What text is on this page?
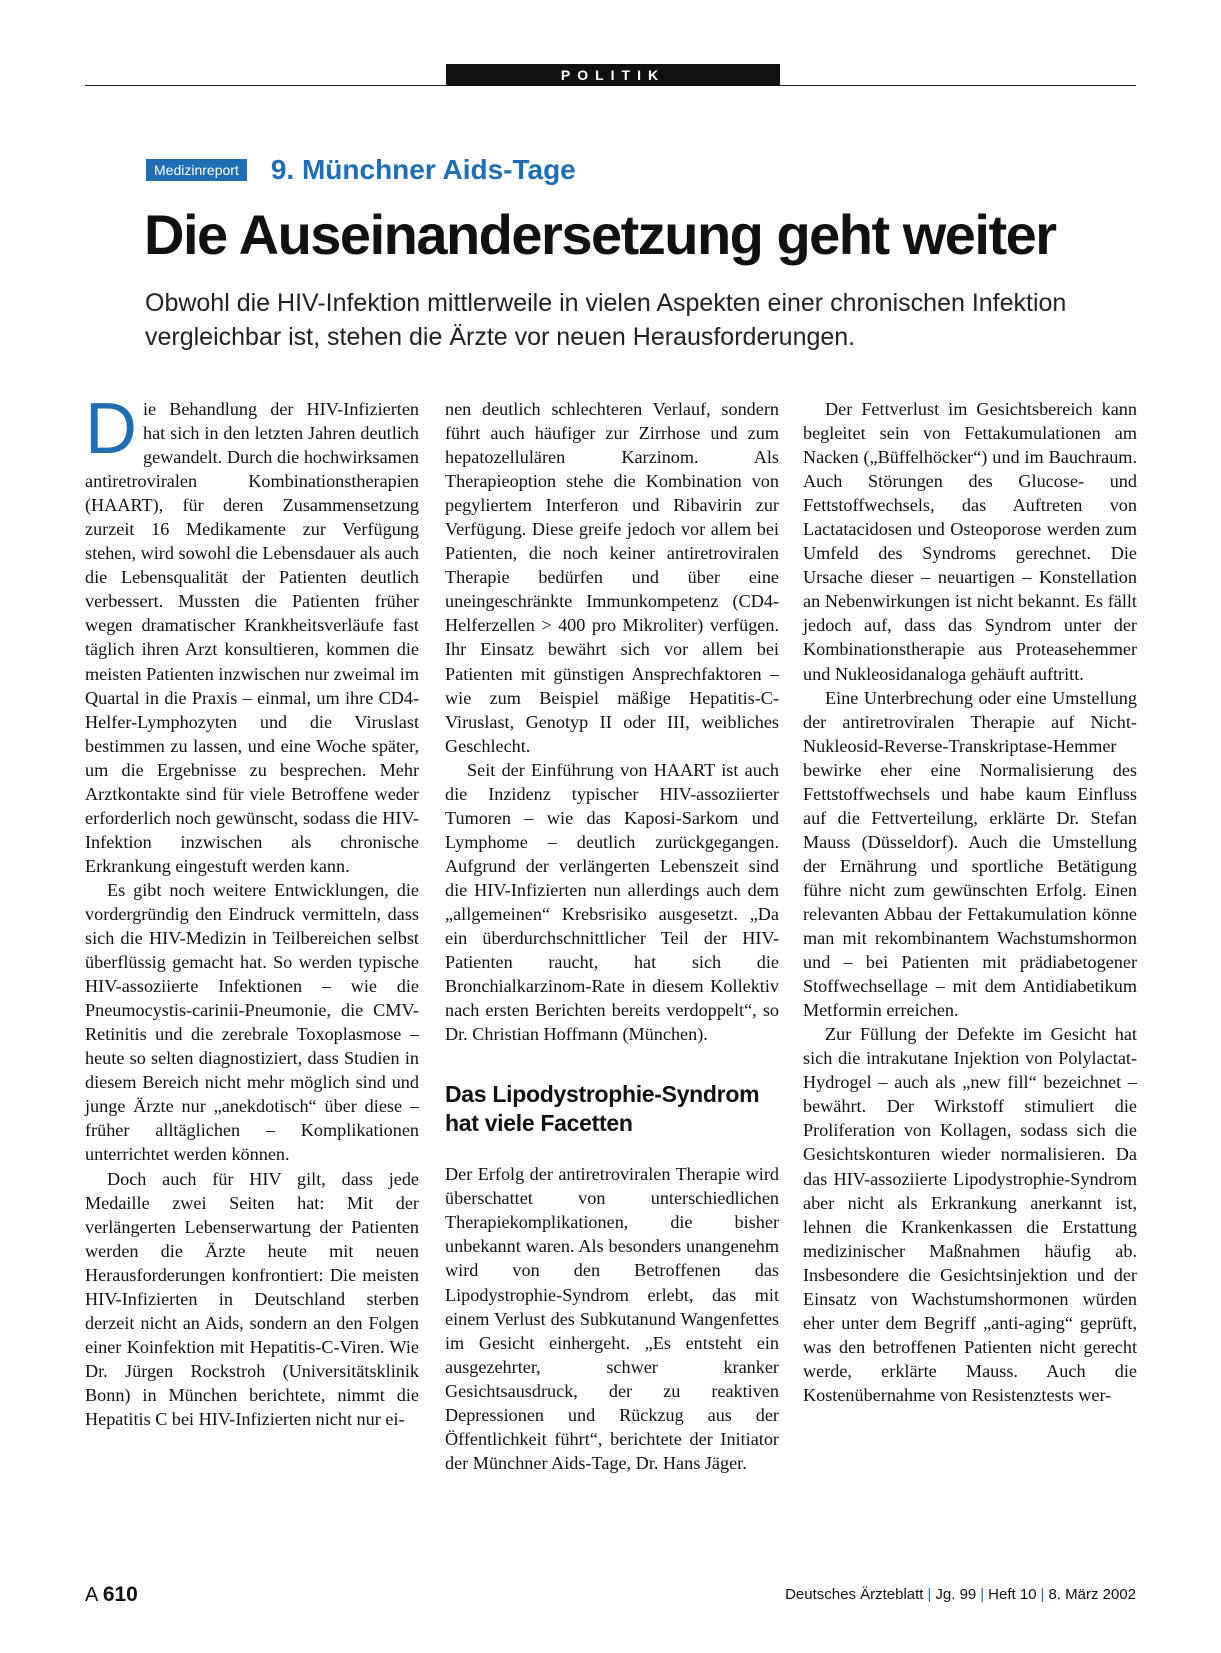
POLITIK
Medizinreport 9. Münchner Aids-Tage
Die Auseinandersetzung geht weiter

Obwohl die HIV-Infektion mittlerweile in vielen Aspekten einer chronischen Infektion vergleichbar ist, stehen die Ärzte vor neuen Herausforderungen.

Die Behandlung der HIV-Infizierten hat sich in den letzten Jahren deutlich gewandelt. Durch die hochwirksamen antiretroviralen Kombinationstherapien (HAART), für deren Zusammensetzung zurzeit 16 Medikamente zur Verfügung stehen, wird sowohl die Lebensdauer als auch die Lebensqualität der Patienten deutlich verbessert. Mussten die Patienten früher wegen dramatischer Krankheitsverläufe fast täglich ihren Arzt konsultieren, kommen die meisten Patienten inzwischen nur zweimal im Quartal in die Praxis – einmal, um ihre CD4-Helfer-Lymphozyten und die Viruslast bestimmen zu lassen, und eine Woche später, um die Ergebnisse zu besprechen. Mehr Arztkontakte sind für viele Betroffene weder erforderlich noch gewünscht, sodass die HIV-Infektion inzwischen als chronische Erkrankung eingestuft werden kann.

Es gibt noch weitere Entwicklungen, die vordergründig den Eindruck vermitteln, dass sich die HIV-Medizin in Teilbereichen selbst überflüssig gemacht hat. So werden typische HIV-assoziierte Infektionen – wie die Pneumocystis-carinii-Pneumonie, die CMV-Retinitis und die zerebrale Toxoplasmose – heute so selten diagnostiziert, dass Studien in diesem Bereich nicht mehr möglich sind und junge Ärzte nur „anekdotisch“ über diese – früher alltäglichen – Komplikationen unterrichtet werden können.

Doch auch für HIV gilt, dass jede Medaille zwei Seiten hat: Mit der verlängerten Lebenserwartung der Patienten werden die Ärzte heute mit neuen Herausforderungen konfrontiert: Die meisten HIV-Infizierten in Deutschland sterben derzeit nicht an Aids, sondern an den Folgen einer Koinfektion mit Hepatitis-C-Viren. Wie Dr. Jürgen Rockstroh (Universitätsklinik Bonn) in München berichtete, nimmt die Hepatitis C bei HIV-Infizierten nicht nur ei-

nen deutlich schlechteren Verlauf, sondern führt auch häufiger zur Zirrhose und zum hepatozellulären Karzinom. Als Therapieoption stehe die Kombination von pegyliertem Interferon und Ribavirin zur Verfügung. Diese greife jedoch vor allem bei Patienten, die noch keiner antiretroviralen Therapie bedürfen und über eine uneingeschränkte Immunkompetenz (CD4-Helferzellen > 400 pro Mikroliter) verfügen. Ihr Einsatz bewährt sich vor allem bei Patienten mit günstigen Ansprechfaktoren – wie zum Beispiel mäßige Hepatitis-C-Viruslast, Genotyp II oder III, weibliches Geschlecht.

Seit der Einführung von HAART ist auch die Inzidenz typischer HIV-assoziierter Tumoren – wie das Kaposi-Sarkom und Lymphome – deutlich zurückgegangen. Aufgrund der verlängerten Lebenszeit sind die HIV-Infizierten nun allerdings auch dem „allgemeinen“ Krebsrisiko ausgesetzt. „Da ein überdurchschnittlicher Teil der HIV-Patienten raucht, hat sich die Bronchialkarzinom-Rate in diesem Kollektiv nach ersten Berichten bereits verdoppelt“, so Dr. Christian Hoffmann (München).

Das Lipodystrophie-Syndrom
hat viele Facetten

Der Erfolg der antiretroviralen Therapie wird überschattet von unterschiedlichen Therapiekomplikationen, die bisher unbekannt waren. Als besonders unangenehm wird von den Betroffenen das Lipodystrophie-Syndrom erlebt, das mit einem Verlust des Subkutanund Wangenfettes im Gesicht einhergeht. „Es entsteht ein ausgezehrter, schwer kranker Gesichtsausdruck, der zu reaktiven Depressionen und Rückzug aus der Öffentlichkeit führt“, berichtete der Initiator der Münchner Aids-Tage, Dr. Hans Jäger.

Der Fettverlust im Gesichtsbereich kann begleitet sein von Fettakumulationen am Nacken („Büffelhöcker“) und im Bauchraum. Auch Störungen des Glucose- und Fettstoffwechsels, das Auftreten von Lactatacidosen und Osteoporose werden zum Umfeld des Syndroms gerechnet. Die Ursache dieser – neuartigen – Konstellation an Nebenwirkungen ist nicht bekannt. Es fällt jedoch auf, dass das Syndrom unter der Kombinationstherapie aus Proteasehemmer und Nukleosidanaloga gehäuft auftritt.

Eine Unterbrechung oder eine Umstellung der antiretroviralen Therapie auf Nicht-Nukleosid-Reverse-Transkriptase-Hemmer bewirke eher eine Normalisierung des Fettstoffwechsels und habe kaum Einfluss auf die Fettverteilung, erklärte Dr. Stefan Mauss (Düsseldorf). Auch die Umstellung der Ernährung und sportliche Betätigung führe nicht zum gewünschten Erfolg. Einen relevanten Abbau der Fettakumulation könne man mit rekombinantem Wachstumshormon und – bei Patienten mit prädiabetogener Stoffwechsellage – mit dem Antidiabetikum Metformin erreichen.

Zur Füllung der Defekte im Gesicht hat sich die intrakutane Injektion von Polylactat-Hydrogel – auch als „new fill“ bezeichnet – bewährt. Der Wirkstoff stimuliert die Proliferation von Kollagen, sodass sich die Gesichtskonturen wieder normalisieren. Da das HIV-assoziierte Lipodystrophie-Syndrom aber nicht als Erkrankung anerkannt ist, lehnen die Krankenkassen die Erstattung medizinischer Maßnahmen häufig ab. Insbesondere die Gesichtsinjektion und der Einsatz von Wachstumshormonen würden eher unter dem Begriff „anti-aging“ geprüft, was den betroffenen Patienten nicht gerecht werde, erklärte Mauss. Auch die Kostenübernahme von Resistenztests wer-

A 610	Deutsches Ärzteblatt | Jg. 99 | Heft 10 | 8. März 2002
